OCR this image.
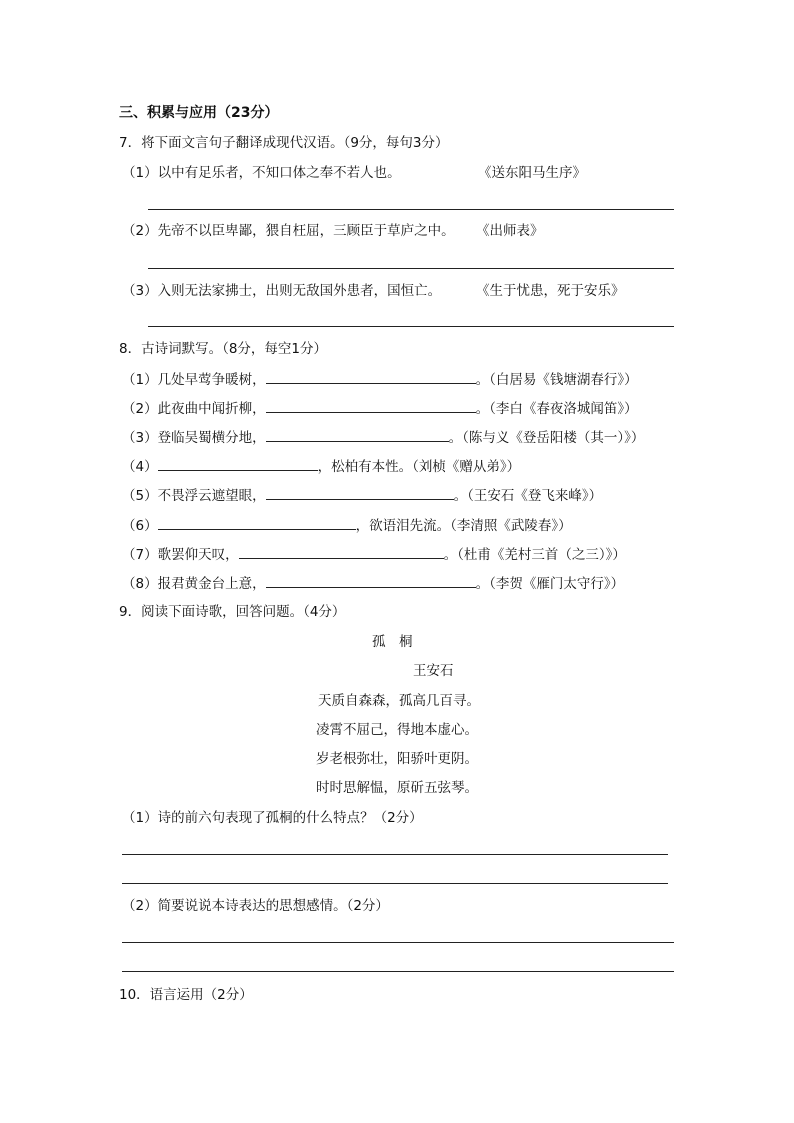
三、积累与应用（23分）
7．将下面文言句子翻译成现代汉语。（9分，每句3分）
（1）以中有足乐者，不知口体之奉不若人也。	《送东阳马生序》
（2）先帝不以臣卑鄙，猥自枉屈，三顾臣于草庐之中。 《出师表》
（3）入则无法家拂士，出则无敌国外患者，国恒亡。	《生于忧患，死于安乐》
8．古诗词默写。（8分，每空1分）
（1）几处早莺争暖树，	。（白居易《钱塘湖春行》）
（2）此夜曲中闻折柳，	。（李白《春夜洛城闻笛》）
（3）登临吴蜀横分地，	。（陈与义《登岳阳楼（其一）》）
（4）	，松柏有本性。（刘桢《赠从弟》）
（5）不畏浮云遮望眼，	。（王安石《登飞来峰》）
（6）	，欲语泪先流。（李清照《武陵春》）
（7）歌罢仰天叹，	。（杜甫《羌村三首（之三）》）
（8）报君黄金台上意，	。（李贺《雁门太守行》）
9．阅读下面诗歌，回答问题。（4分）
孤　桐
王安石
天质自森森，孤高几百寻。
凌霄不屈己，得地本虚心。
岁老根弥壮，阳骄叶更阴。
时时思解愠，原斫五弦琴。
（1）诗的前六句表现了孤桐的什么特点？（2分）
（2）简要说说本诗表达的思想感情。（2分）
10．语言运用（2分）
